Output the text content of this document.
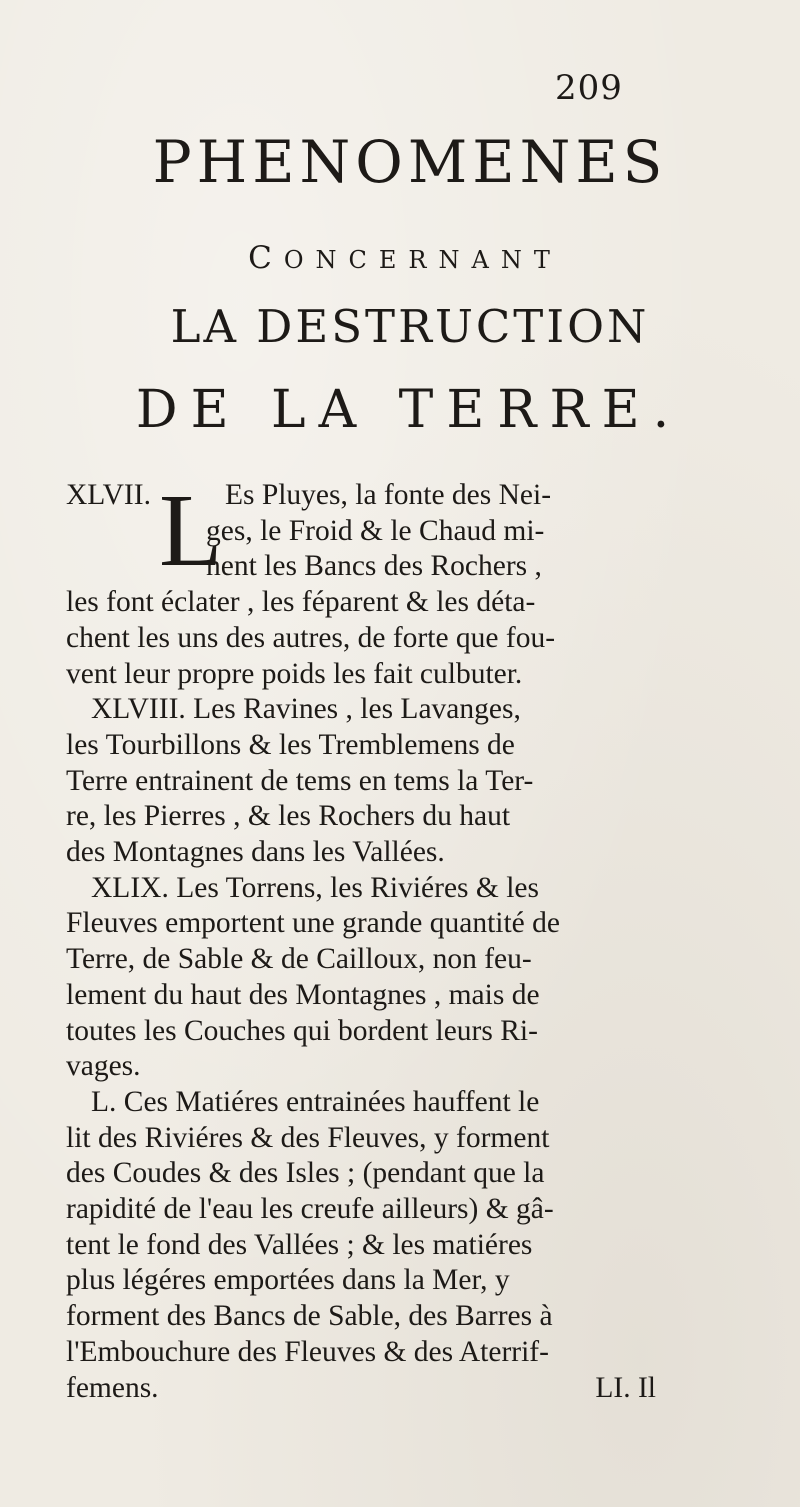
209
PHENOMENES
CONCERNANT
LA DESTRUCTION
DE LA TERRE.
L
XLVII.	Es Pluyes, la fonte des Nei-
ges, le Froid & le Chaud mi-
nent les Bancs des Rochers ,
les font éclater , les féparent & les déta-
chent les uns des autres, de forte que fou-
vent leur propre poids les fait culbuter.
XLVIII. Les Ravines , les Lavanges,
les Tourbillons & les Tremblemens de
Terre entrainent de tems en tems la Ter-
re, les Pierres , & les Rochers du haut
des Montagnes dans les Vallées.
XLIX. Les Torrens, les Riviéres & les
Fleuves emportent une grande quantité de
Terre, de Sable & de Cailloux, non feu-
lement du haut des Montagnes , mais de
toutes les Couches qui bordent leurs Ri-
vages.
L. Ces Matiéres entrainées hauffent le
lit des Riviéres & des Fleuves, y forment
des Coudes & des Isles ; (pendant que la
rapidité de l'eau les creufe ailleurs) & gâ-
tent le fond des Vallées ; & les matiéres
plus légéres emportées dans la Mer, y
forment des Bancs de Sable, des Barres à
l'Embouchure des Fleuves & des Aterrif-
femens.	LI. Il
